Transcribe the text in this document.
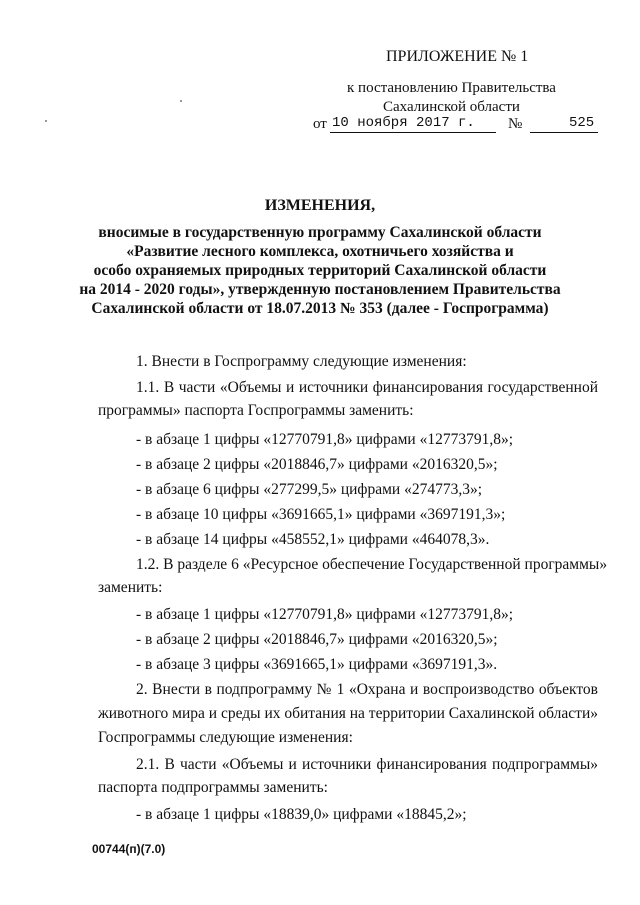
ПРИЛОЖЕНИЕ № 1
к постановлению Правительства
Сахалинской области
от 10 ноября 2017 г. №	525
ИЗМЕНЕНИЯ,
вносимые в государственную программу Сахалинской области
«Развитие лесного комплекса, охотничьего хозяйства и
особо охраняемых природных территорий Сахалинской области
на 2014 - 2020 годы», утвержденную постановлением Правительства
Сахалинской области от 18.07.2013 № 353 (далее - Госпрограмма)
1. Внести в Госпрограмму следующие изменения:
1.1. В части «Объемы и источники финансирования государственной
программы» паспорта Госпрограммы заменить:
- в абзаце 1 цифры «12770791,8» цифрами «12773791,8»;
- в абзаце 2 цифры «2018846,7» цифрами «2016320,5»;
- в абзаце 6 цифры «277299,5» цифрами «274773,3»;
- в абзаце 10 цифры «3691665,1» цифрами «3697191,3»;
- в абзаце 14 цифры «458552,1» цифрами «464078,3».
1.2. В разделе 6 «Ресурсное обеспечение Государственной программы»
заменить:
- в абзаце 1 цифры «12770791,8» цифрами «12773791,8»;
- в абзаце 2 цифры «2018846,7» цифрами «2016320,5»;
- в абзаце 3 цифры «3691665,1» цифрами «3697191,3».
2. Внести в подпрограмму № 1 «Охрана и воспроизводство объектов
животного мира и среды их обитания на территории Сахалинской области»
Госпрограммы следующие изменения:
2.1. В части «Объемы и источники финансирования подпрограммы»
паспорта подпрограммы заменить:
- в абзаце 1 цифры «18839,0» цифрами «18845,2»;
00744(п)(7.0)
